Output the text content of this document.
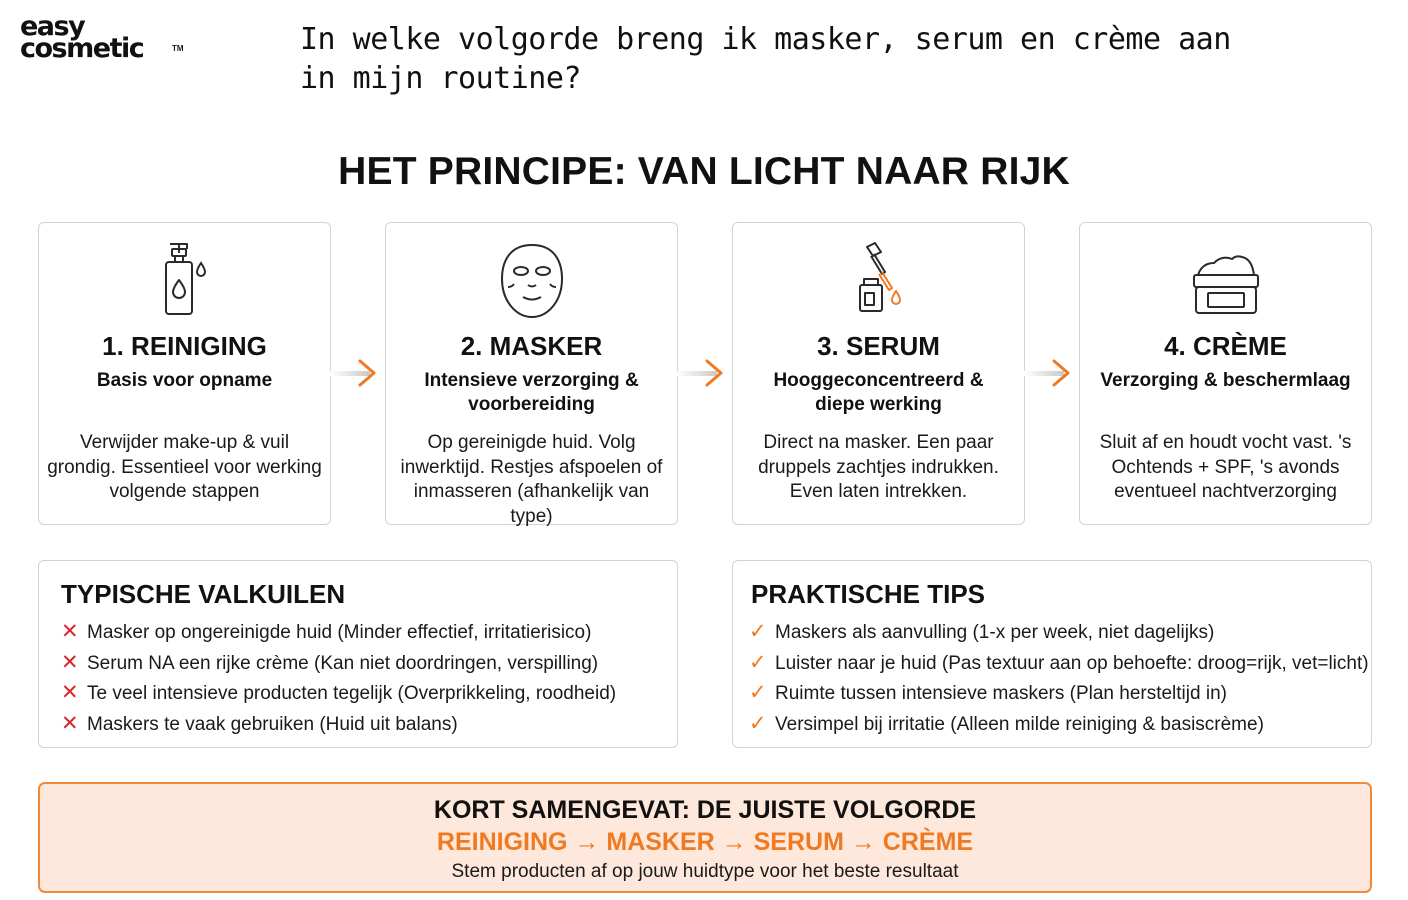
easy
cosmetic	TM	In welke volgorde breng ik masker, serum en crème aan in mijn routine?
HET PRINCIPE: VAN LICHT NAAR RIJK
1. REINIGING
Basis voor opname
Verwijder make-up & vuil grondig. Essentieel voor werking volgende stappen
2. MASKER
Intensieve verzorging & voorbereiding
Op gereinigde huid. Volg inwerktijd. Restjes afspoelen of inmasseren (afhankelijk van type)
3. SERUM
Hooggeconcentreerd & diepe werking
Direct na masker. Een paar druppels zachtjes indrukken. Even laten intrekken.
4. CRÈME
Verzorging & beschermlaag
Sluit af en houdt vocht vast. 's Ochtends + SPF, 's avonds eventueel nachtverzorging
TYPISCHE VALKUILEN
✕ Masker op ongereinigde huid (Minder effectief, irritatierisico)
✕ Serum NA een rijke crème (Kan niet doordringen, verspilling)
✕ Te veel intensieve producten tegelijk (Overprikkeling, roodheid)
✕ Maskers te vaak gebruiken (Huid uit balans)
PRAKTISCHE TIPS
✓ Maskers als aanvulling (1-x per week, niet dagelijks)
✓ Luister naar je huid (Pas textuur aan op behoefte: droog=rijk, vet=licht)
✓ Ruimte tussen intensieve maskers (Plan hersteltijd in)
✓ Versimpel bij irritatie (Alleen milde reiniging & basiscrème)
KORT SAMENGEVAT: DE JUISTE VOLGORDE
REINIGING → MASKER → SERUM → CRÈME
Stem producten af op jouw huidtype voor het beste resultaat
